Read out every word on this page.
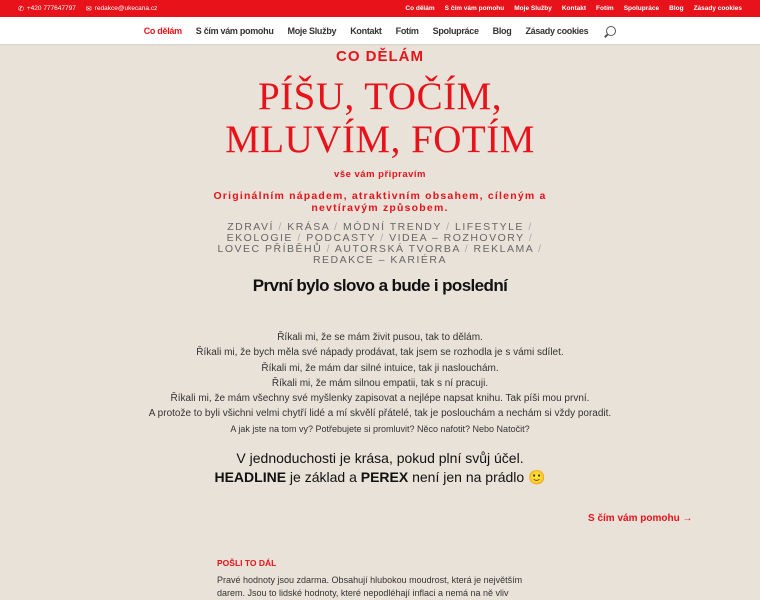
✆ +420 777647797 ✉ redakce@ukecana.cz	Co dělám S čím vám pomohu Moje Služby Kontakt Fotím Spolupráce Blog Zásady cookies
Co dělám S čím vám pomohu Moje Služby Kontakt Fotím Spolupráce Blog Zásady cookies
CO DĚLÁM
PÍŠU, TOČÍM,
MLUVÍM, FOTÍM
vše vám připravím
Originálním nápadem, atraktivním obsahem, cíleným a nevtíravým způsobem.
ZDRAVÍ / KRÁSA / MÓDNÍ TRENDY / LIFESTYLE / EKOLOGIE / PODCASTY / VIDEA – ROZHOVORY / LOVEC PŘÍBĚHŮ / AUTORSKÁ TVORBA / REKLAMA / REDAKCE – KARIÉRA
První bylo slovo a bude i poslední
Říkali mi, že se mám živit pusou, tak to dělám.
Říkali mi, že bych měla své nápady prodávat, tak jsem se rozhodla je s vámi sdílet.
Říkali mi, že mám dar silné intuice, tak ji naslouchám.
Říkali mi, že mám silnou empatii, tak s ní pracuji.
Říkali mi, že mám všechny své myšlenky zapisovat a nejlépe napsat knihu. Tak píši mou první.
A protože to byli všichni velmi chytří lidé a mí skvělí přátelé, tak je poslouchám a nechám si vždy poradit.
A jak jste na tom vy? Potřebujete si promluvit? Něco nafotit? Nebo Natočit?
V jednoduchosti je krása, pokud plní svůj účel.
HEADLINE je základ a PEREX není jen na prádlo 🙂
S čím vám pomohu →
POŠLI TO DÁL
Pravé hodnoty jsou zdarma. Obsahují hlubokou moudrost, která je největším darem. Jsou to lidské hodnoty, které nepodléhají inflaci a nemá na ně vliv
